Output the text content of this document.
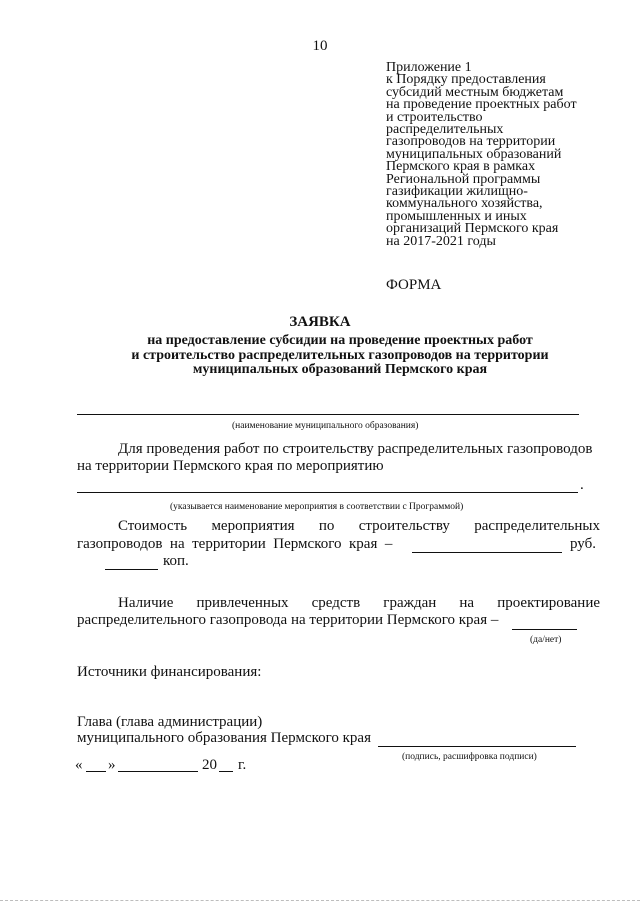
10
Приложение 1
к Порядку предоставления
субсидий местным бюджетам
на проведение проектных работ
и строительство
распределительных
газопроводов на территории
муниципальных образований
Пермского края в рамках
Региональной программы
газификации жилищно-
коммунального хозяйства,
промышленных и иных
организаций Пермского края
на 2017-2021 годы
ФОРМА
ЗАЯВКА
на предоставление субсидии на проведение проектных работ
и строительство распределительных газопроводов на территории
муниципальных образований Пермского края
(наименование муниципального образования)
Для проведения работ по строительству распределительных газопроводов
на территории Пермского края по мероприятию
.
(указывается наименование мероприятия в соответствии с Программой)
Стоимость мероприятия по строительству распределительных
газопроводов  на  территории  Пермского  края  –	руб.
коп.
Наличие привлеченных средств граждан на проектирование
распределительного газопровода на территории Пермского края –
(да/нет)
Источники финансирования:
Глава (глава администрации)
муниципального образования Пермского края
(подпись, расшифровка подписи)
« »	20 г.
